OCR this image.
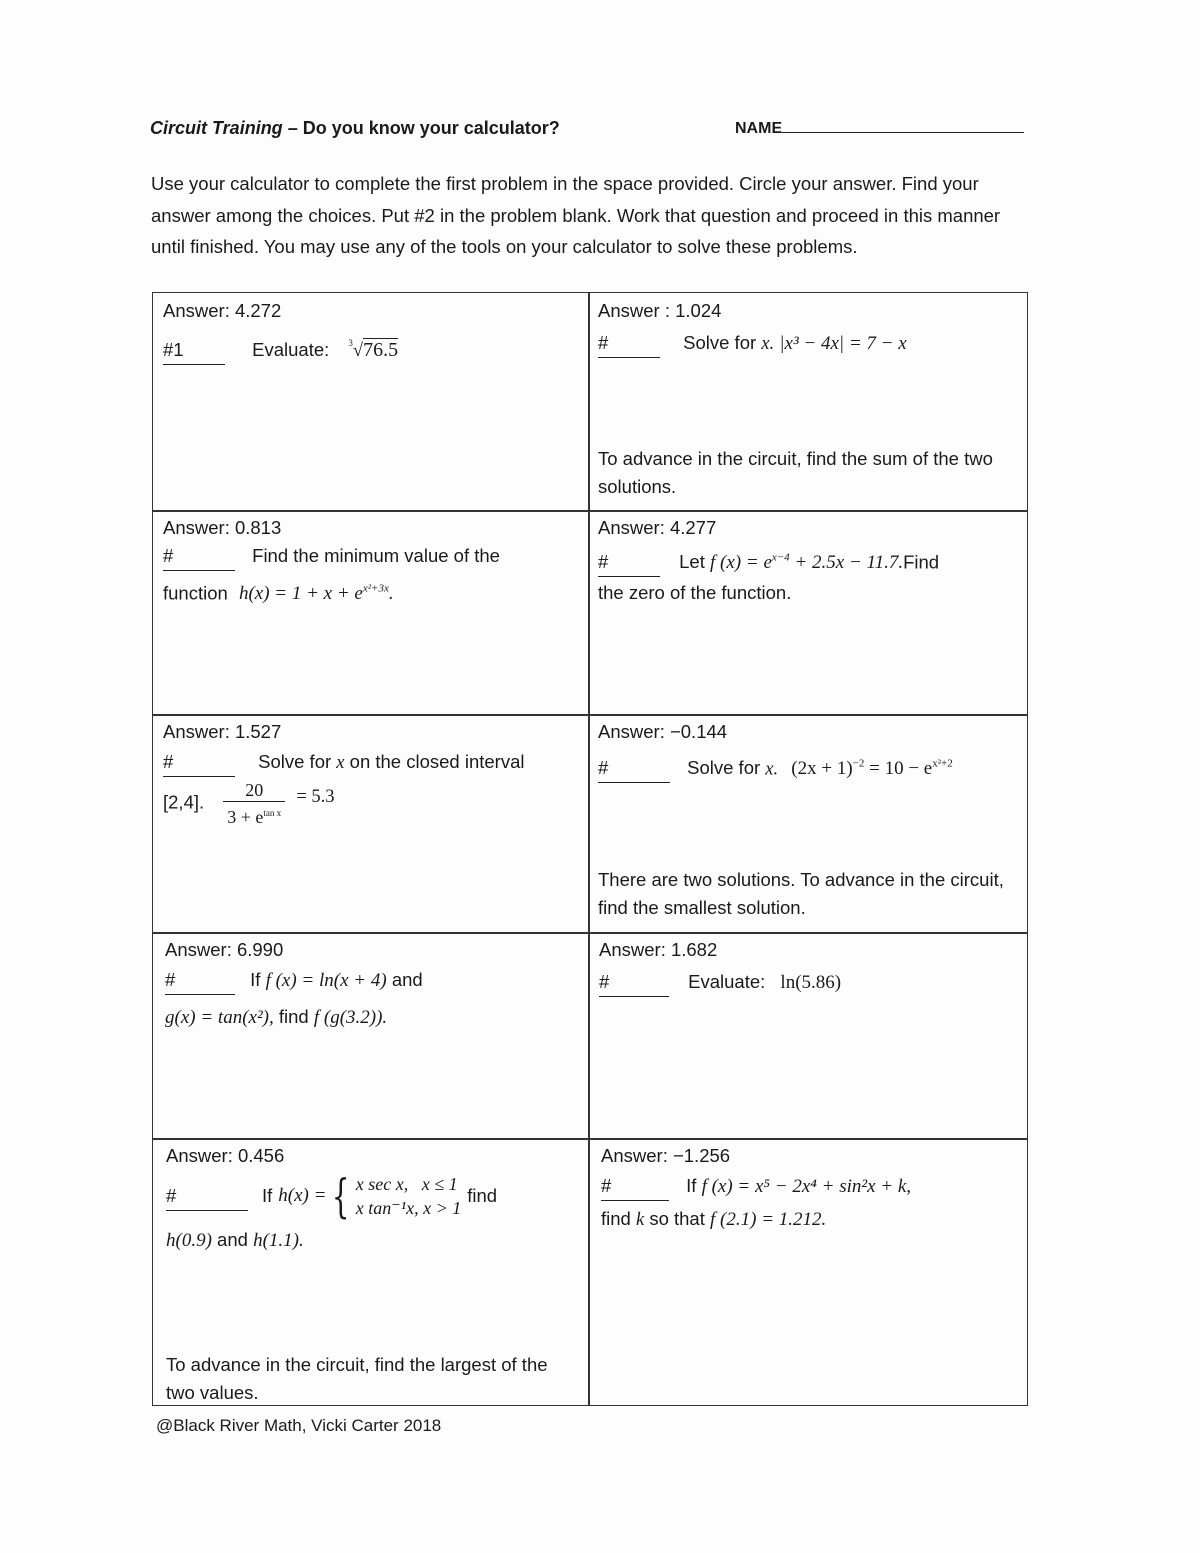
Circuit Training – Do you know your calculator?	NAME
Use your calculator to complete the first problem in the space provided. Circle your answer. Find your answer among the choices. Put #2 in the problem blank. Work that question and proceed in this manner until finished. You may use any of the tools on your calculator to solve these problems.
Answer: 4.272
#1	Evaluate: $^3$√76.5
Answer : 1.024
#	Solve for x. |x³ − 4x| = 7 − x
To advance in the circuit, find the sum of the two solutions.
Answer: 0.813
#	Find the minimum value of the
function $h(x) = 1 + x + e^{x^2+3x}$.
Answer: 4.277
#	Let f $(x) = e^{x-4} + 2.5x$ − 11.7.Find
the zero of the function.
Answer: 1.527
#	Solve for x on the closed interval
[2,4]. $\frac{20}{3 + e^{tan x}} = 5.3$
Answer: −0.144
#	Solve for x. $(2x + 1)^{-2} = 10 - e^{x^2+2}$
There are two solutions. To advance in the circuit, find the smallest solution.
Answer: 6.990
#	If f (x) = ln(x + 4) and
g(x) = tan(x²), find f (g(3.2)).
Answer: 1.682
#	Evaluate: ln(5.86)
Answer: 0.456
#	If h(x) = { x sec x, x ≤ 1
x tan⁻¹x, x > 1
find
h(0.9) and h(1.1).
To advance in the circuit, find the largest of the two values.
Answer: −1.256
#	If f (x) = x⁵ − 2x⁴ + sin²x + k,
find k so that f (2.1) = 1.212.
@Black River Math, Vicki Carter 2018
